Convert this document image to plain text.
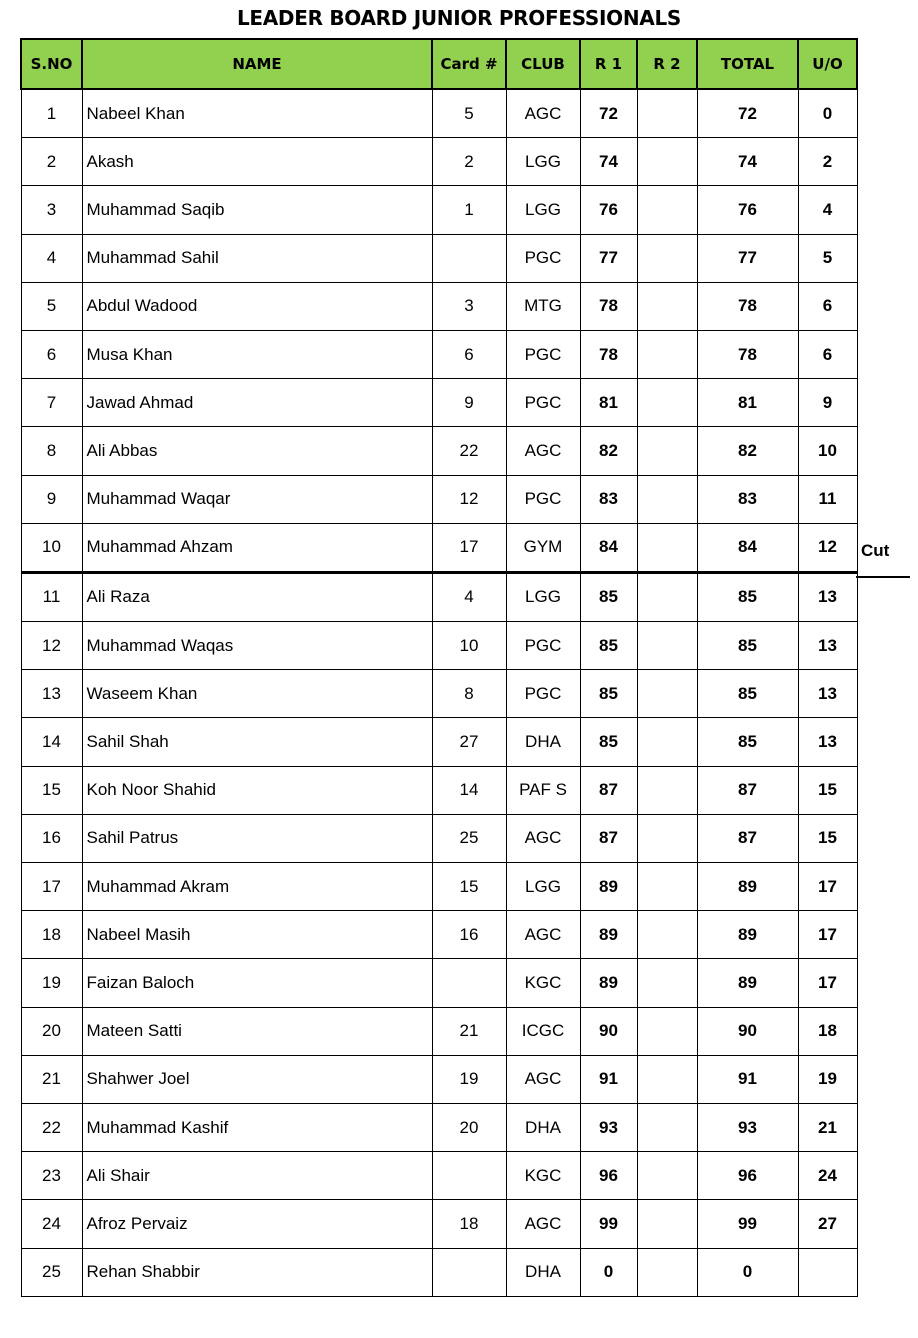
LEADER BOARD JUNIOR PROFESSIONALS
S.NO	NAME	Card #	CLUB	R 1	R 2	TOTAL	U/O
1	Nabeel Khan	5	AGC	72		72	0
2	Akash	2	LGG	74		74	2
3	Muhammad Saqib	1	LGG	76		76	4
4	Muhammad Sahil		PGC	77		77	5
5	Abdul Wadood	3	MTG	78		78	6
6	Musa Khan	6	PGC	78		78	6
7	Jawad Ahmad	9	PGC	81		81	9
8	Ali Abbas	22	AGC	82		82	10
9	Muhammad Waqar	12	PGC	83		83	11
10	Muhammad Ahzam	17	GYM	84		84	12
11	Ali Raza	4	LGG	85		85	13
12	Muhammad Waqas	10	PGC	85		85	13
13	Waseem Khan	8	PGC	85		85	13
14	Sahil Shah	27	DHA	85		85	13
15	Koh Noor Shahid	14	PAF S	87		87	15
16	Sahil Patrus	25	AGC	87		87	15
17	Muhammad Akram	15	LGG	89		89	17
18	Nabeel Masih	16	AGC	89		89	17
19	Faizan Baloch		KGC	89		89	17
20	Mateen Satti	21	ICGC	90		90	18
21	Shahwer Joel	19	AGC	91		91	19
22	Muhammad Kashif	20	DHA	93		93	21
23	Ali Shair		KGC	96		96	24
24	Afroz Pervaiz	18	AGC	99		99	27
25	Rehan Shabbir		DHA	0		0	
Cut
